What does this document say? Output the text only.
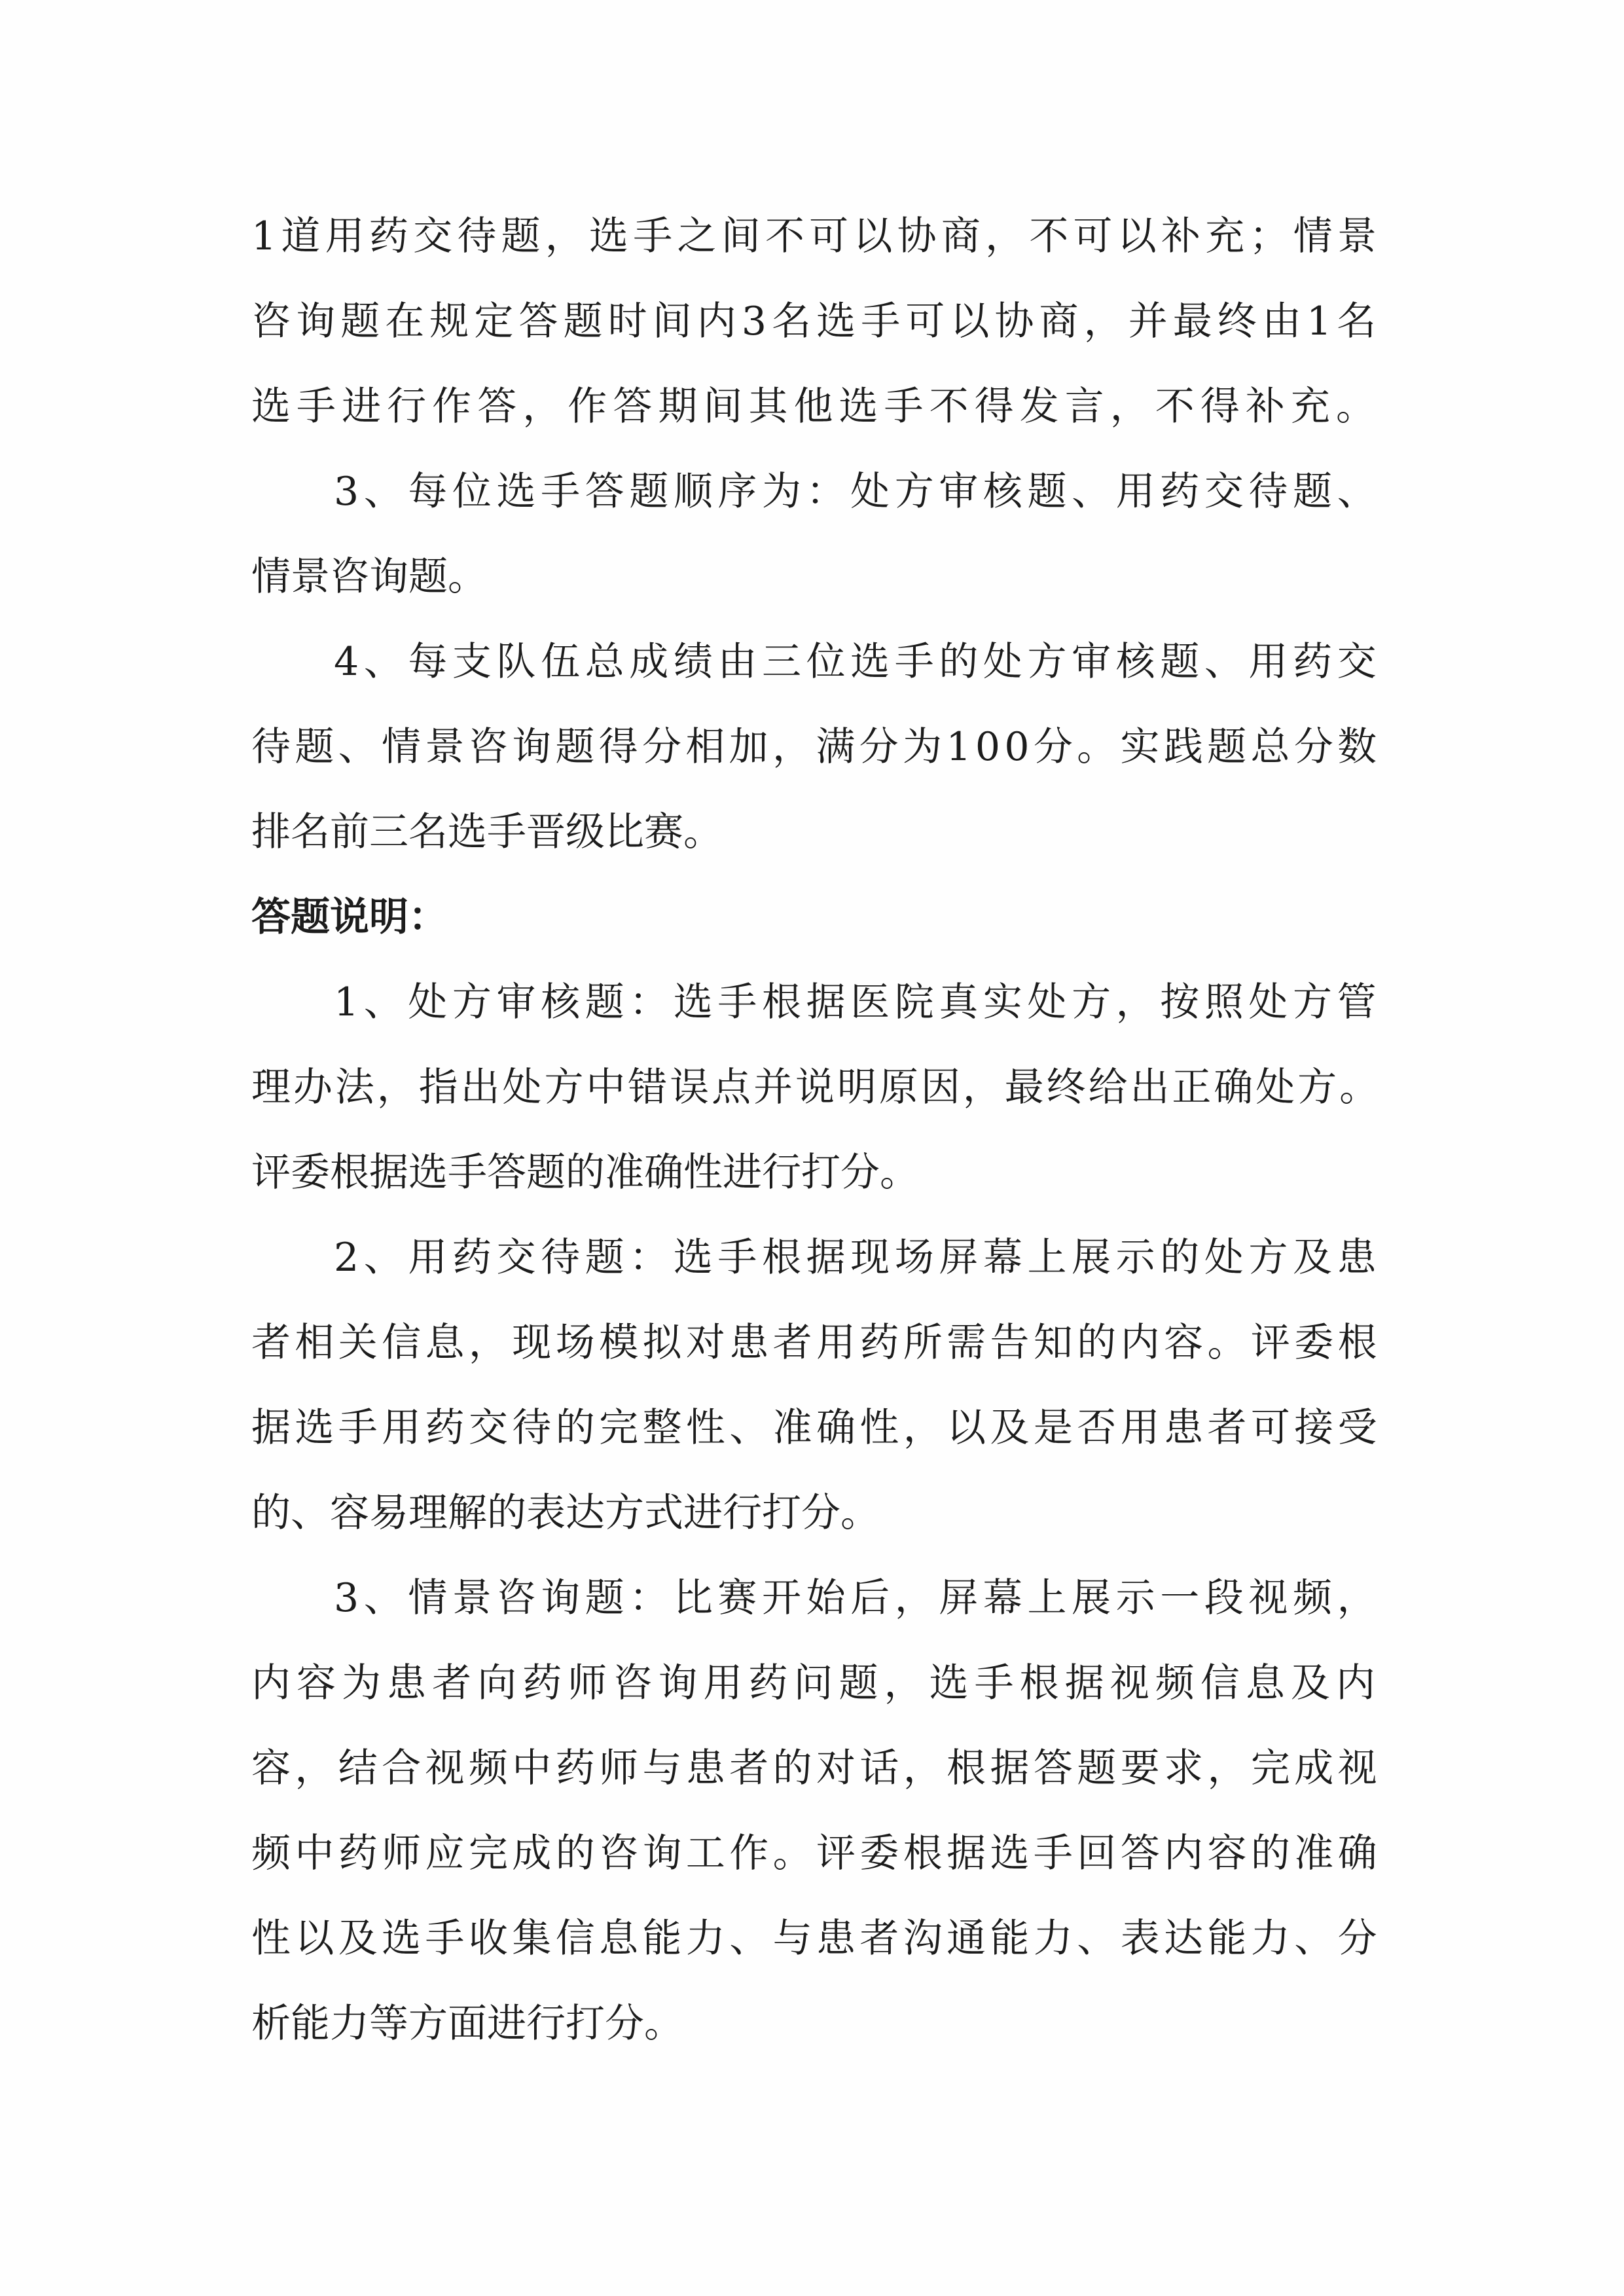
1道用药交待题，选手之间不可以协商，不可以补充；情景

咨询题在规定答题时间内3名选手可以协商，并最终由1名

选手进行作答，作答期间其他选手不得发言，不得补充。

3、每位选手答题顺序为：处方审核题、用药交待题、

情景咨询题。

4、每支队伍总成绩由三位选手的处方审核题、用药交

待题、情景咨询题得分相加，满分为100分。实践题总分数

排名前三名选手晋级比赛。

答题说明：

1、处方审核题：选手根据医院真实处方，按照处方管

理办法，指出处方中错误点并说明原因，最终给出正确处方。

评委根据选手答题的准确性进行打分。

2、用药交待题：选手根据现场屏幕上展示的处方及患

者相关信息，现场模拟对患者用药所需告知的内容。评委根

据选手用药交待的完整性、准确性，以及是否用患者可接受

的、容易理解的表达方式进行打分。

3、情景咨询题：比赛开始后，屏幕上展示一段视频，

内容为患者向药师咨询用药问题，选手根据视频信息及内

容，结合视频中药师与患者的对话，根据答题要求，完成视

频中药师应完成的咨询工作。评委根据选手回答内容的准确

性以及选手收集信息能力、与患者沟通能力、表达能力、分

析能力等方面进行打分。
